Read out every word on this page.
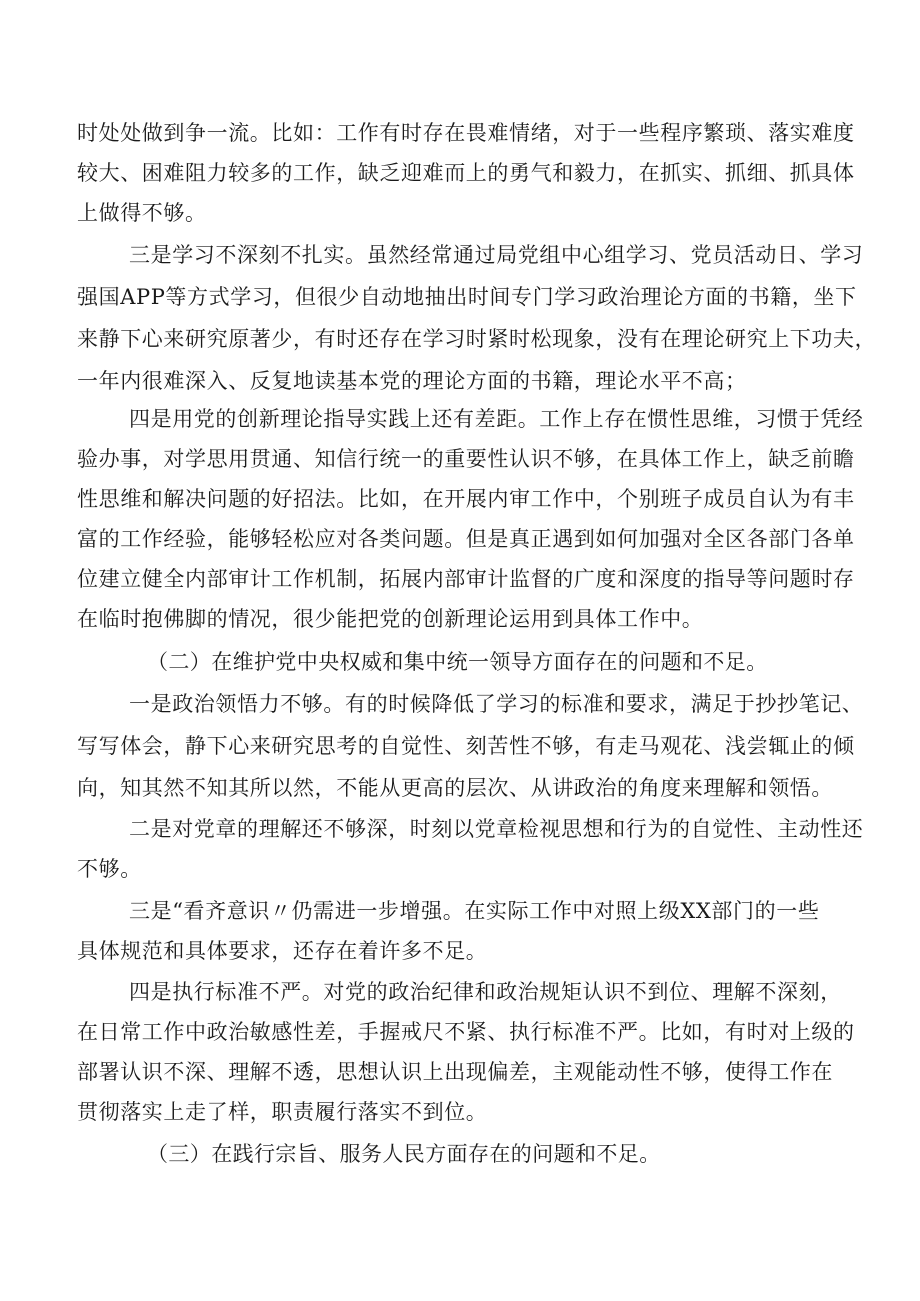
时处处做到争一流。比如：工作有时存在畏难情绪，对于一些程序繁琐、落实难度
较大、困难阻力较多的工作，缺乏迎难而上的勇气和毅力，在抓实、抓细、抓具体
上做得不够。
三是学习不深刻不扎实。虽然经常通过局党组中心组学习、党员活动日、学习
强国APP等方式学习，但很少自动地抽出时间专门学习政治理论方面的书籍，坐下
来静下心来研究原著少，有时还存在学习时紧时松现象，没有在理论研究上下功夫，
一年内很难深入、反复地读基本党的理论方面的书籍，理论水平不高；
四是用党的创新理论指导实践上还有差距。工作上存在惯性思维，习惯于凭经
验办事，对学思用贯通、知信行统一的重要性认识不够，在具体工作上，缺乏前瞻
性思维和解决问题的好招法。比如，在开展内审工作中，个别班子成员自认为有丰
富的工作经验，能够轻松应对各类问题。但是真正遇到如何加强对全区各部门各单
位建立健全内部审计工作机制，拓展内部审计监督的广度和深度的指导等问题时存
在临时抱佛脚的情况，很少能把党的创新理论运用到具体工作中。
（二）在维护党中央权威和集中统一领导方面存在的问题和不足。
一是政治领悟力不够。有的时候降低了学习的标准和要求，满足于抄抄笔记、
写写体会，静下心来研究思考的自觉性、刻苦性不够，有走马观花、浅尝辄止的倾
向，知其然不知其所以然，不能从更高的层次、从讲政治的角度来理解和领悟。
二是对党章的理解还不够深，时刻以党章检视思想和行为的自觉性、主动性还
不够。
三是“看齐意识〃仍需进一步增强。在实际工作中对照上级XX部门的一些
具体规范和具体要求，还存在着许多不足。
四是执行标准不严。对党的政治纪律和政治规矩认识不到位、理解不深刻，
在日常工作中政治敏感性差，手握戒尺不紧、执行标准不严。比如，有时对上级的
部署认识不深、理解不透，思想认识上出现偏差，主观能动性不够，使得工作在
贯彻落实上走了样，职责履行落实不到位。
（三）在践行宗旨、服务人民方面存在的问题和不足。
